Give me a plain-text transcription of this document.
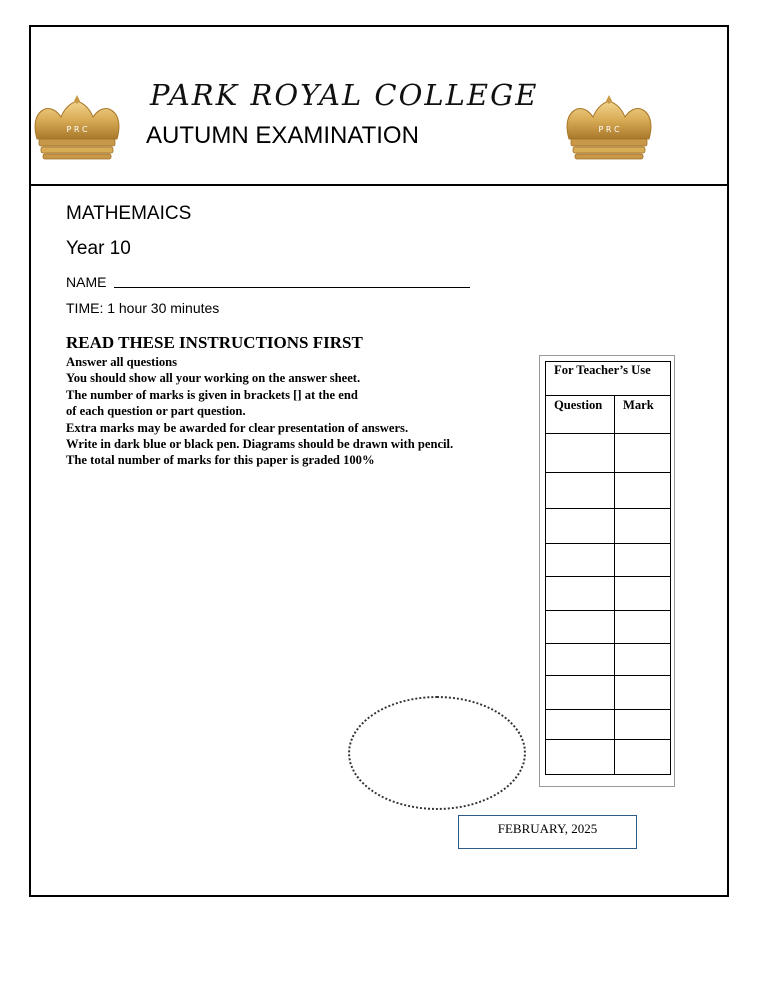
P R C	P R C
PARK ROYAL COLLEGE
AUTUMN EXAMINATION
MATHEMAICS
Year 10
NAME
TIME: 1 hour 30 minutes
READ THESE INSTRUCTIONS FIRST
Answer all questions
You should show all your working on the answer sheet.
The number of marks is given in brackets [] at the end
of each question or part question.
Extra marks may be awarded for clear presentation of answers.
Write in dark blue or black pen. Diagrams should be drawn with pencil.
The total number of marks for this paper is graded 100%
For Teacher’s Use	
Question	Mark

FEBRUARY, 2025
